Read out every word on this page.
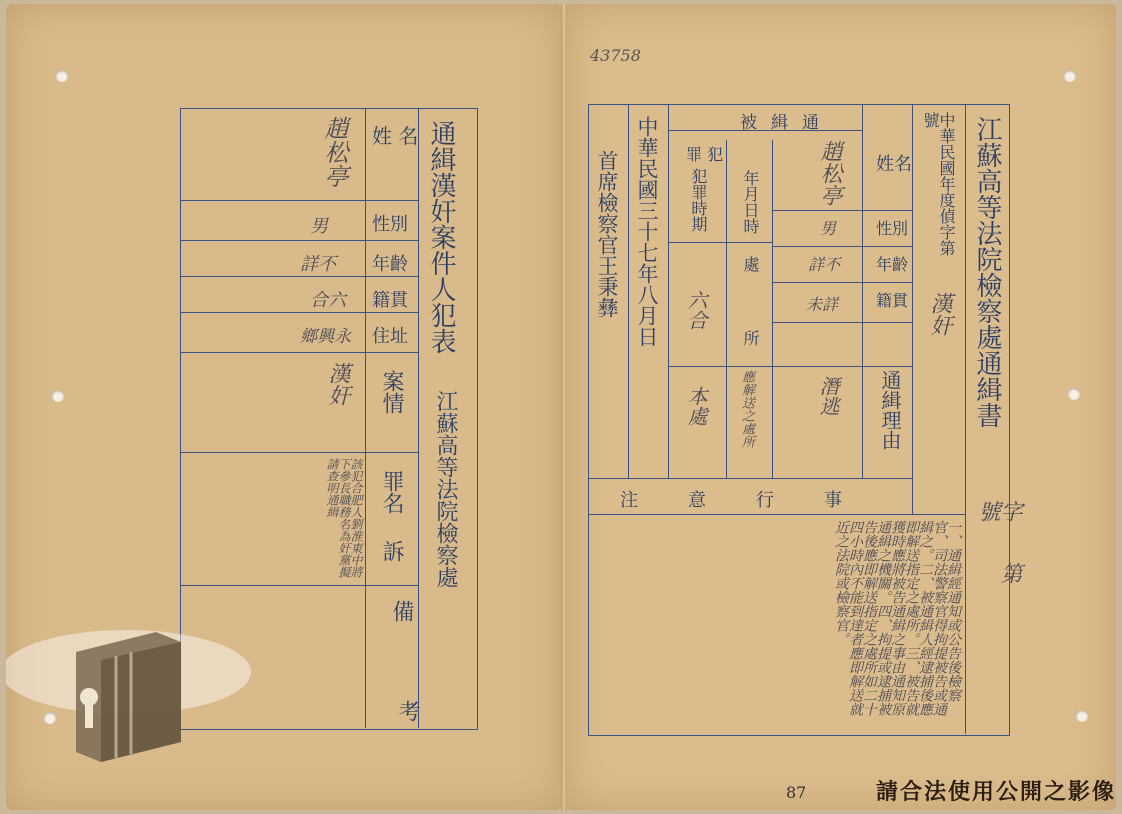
通緝漢奸案件人犯表
江蘇高等法院檢察處
姓 名
性別
年齡
籍貫
住址
案情
罪名
訴
備
考
趙松亭
男
詳不
合六
鄉興永
漢奸
該犯合肥人劉淮東中將下參長職務名為奸黨擬請查明通緝
江蘇高等法院檢察處通緝書
字第號
中華民國年度偵字第號
漢奸
姓名
性別
年齡
籍貫
通緝理由
被緝通
趙松亭
男
詳不
未詳
潛逃
罪 犯
年月日時
處
所
犯罪時期
六合
本處 應解送之處所
中華民國三十七年八月日
首席檢察官王秉彝
注意行事
一、通緝經通知或公告後檢察官、司法警察官得拘提被告或通緝之。二、被通緝人經逮捕後應即解送指定之處所。三、被告就獲時應將被告通緝之事由通知原通緝之機關。四、拘提或逮捕被告後應即解送指定之處所如二十四小時內不能到達者應即解送就近之法院或檢察官。
43758
87	請合法使用公開之影像
